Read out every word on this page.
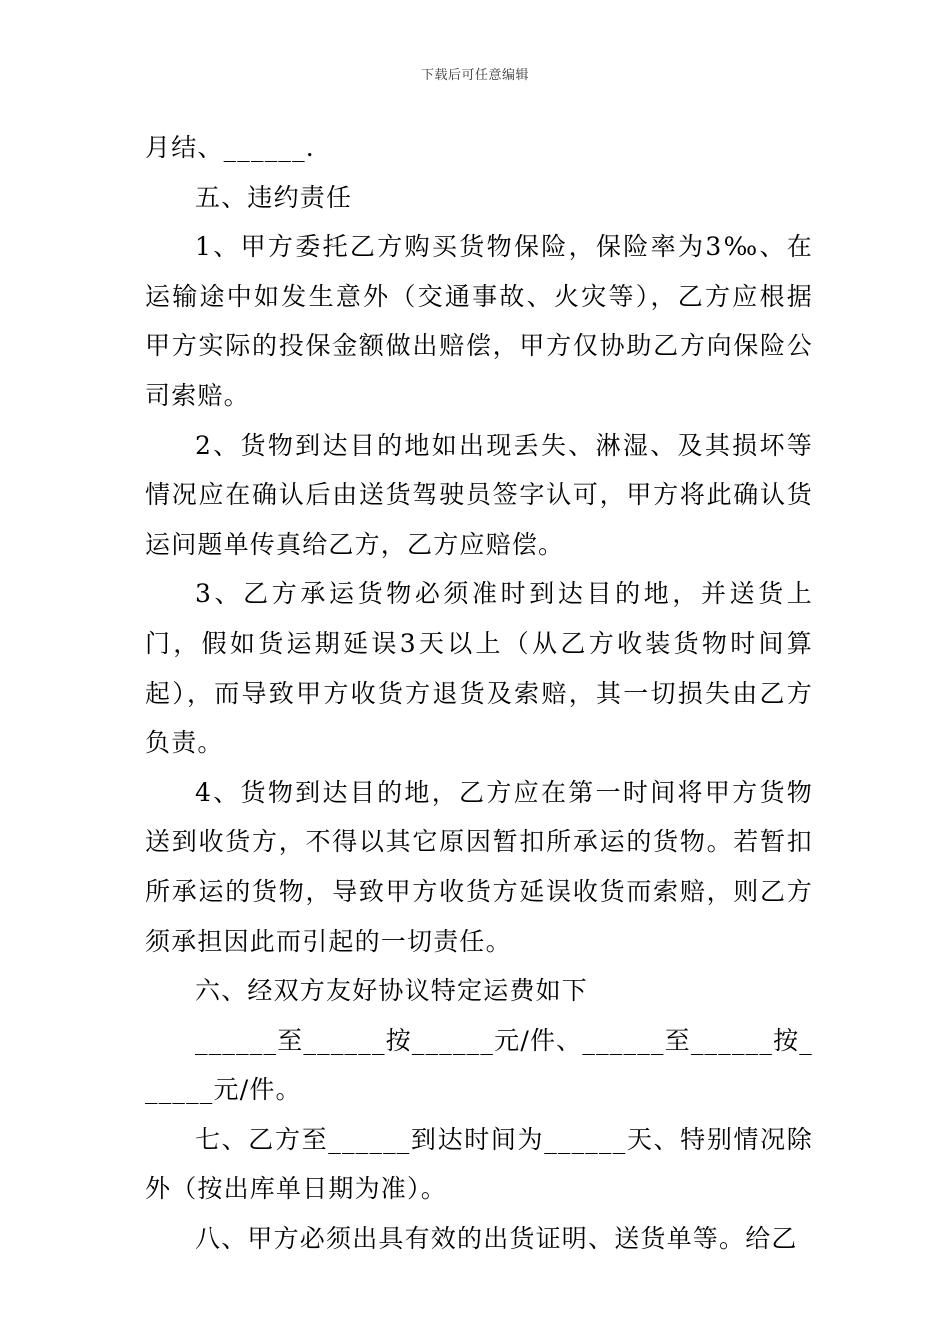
下载后可任意编辑

月结、______.

五、违约责任

1、甲方委托乙方购买货物保险，保险率为3‰、在运输途中如发生意外（交通事故、火灾等），乙方应根据甲方实际的投保金额做出赔偿，甲方仅协助乙方向保险公司索赔。

2、货物到达目的地如出现丢失、淋湿、及其损坏等情况应在确认后由送货驾驶员签字认可，甲方将此确认货运问题单传真给乙方，乙方应赔偿。

3、乙方承运货物必须准时到达目的地，并送货上门，假如货运期延误3天以上（从乙方收装货物时间算起），而导致甲方收货方退货及索赔，其一切损失由乙方负责。

4、货物到达目的地，乙方应在第一时间将甲方货物送到收货方，不得以其它原因暂扣所承运的货物。若暂扣所承运的货物，导致甲方收货方延误收货而索赔，则乙方须承担因此而引起的一切责任。

六、经双方友好协议特定运费如下

______至______按______元/件、______至______按______元/件。

七、乙方至______到达时间为______天、特别情况除外（按出库单日期为准）。

八、甲方必须出具有效的出货证明、送货单等。给乙
